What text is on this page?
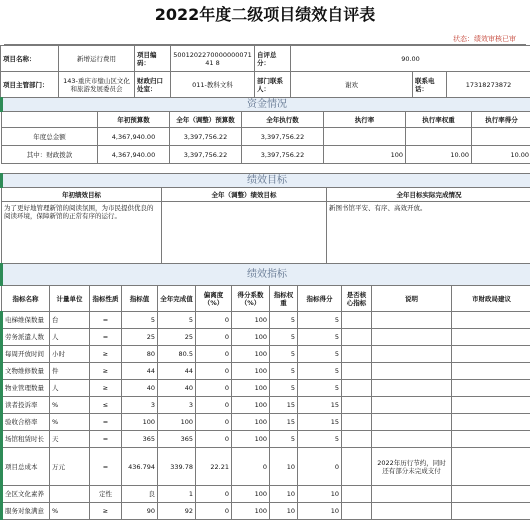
2022年度二级项目绩效自评表
状态：绩效审核已审
项目名称：	新增运行费用	项目编码：	500120227000000007141 8	自评总分：	90.00		
项目主管部门：	143-重庆市璧山区文化和旅游发展委员会	财政归口处室：	011-教科文科	部门联系人：	谢欢	联系电话：	17318273872
资金情况						
	年初预算数	全年（调整）预算数	全年执行数	执行率	执行率权重	执行率得分
年度总金额	4,367,940.00	3,397,756.22	3,397,756.22			
其中：财政拨款	4,367,940.00	3,397,756.22	3,397,756.22	100	10.00	10.00
绩效目标		
年初绩效目标	全年（调整）绩效目标	全年目标实际完成情况
为了更好地管理新馆的阅读氛围，为市民提供优良的阅读环境，保障新馆的正常有序的运行。		新图书馆平安、有序、高效开放。
绩效指标											
指标名称	计量单位	指标性质	指标值	全年完成值	偏离度（%）	得分系数（%）	指标权重	指标得分	是否核心指标	说明	市财政局建议
电梯维保数量	台	=	5	5	0	100	5	5			
劳务派遣人数	人	=	25	25	0	100	5	5			
每周开放时间	小时	≥	80	80.5	0	100	5	5			
文物维修数量	件	≥	44	44	0	100	5	5			
物业管理数量	人	≥	40	40	0	100	5	5			
读者投诉率	%	≤	3	3	0	100	15	15			
验收合格率	%	=	100	100	0	100	15	15			
场馆租赁时长	天	=	365	365	0	100	5	5			
项目总成本	万元	=	436.794	339.78	22.21	0	10	0		2022年历行节约，同时还有部分未完成支付	
全区文化素养		定性	良	1	0	100	10	10			
服务对象满意	%	≥	90	92	0	100	10	10			
